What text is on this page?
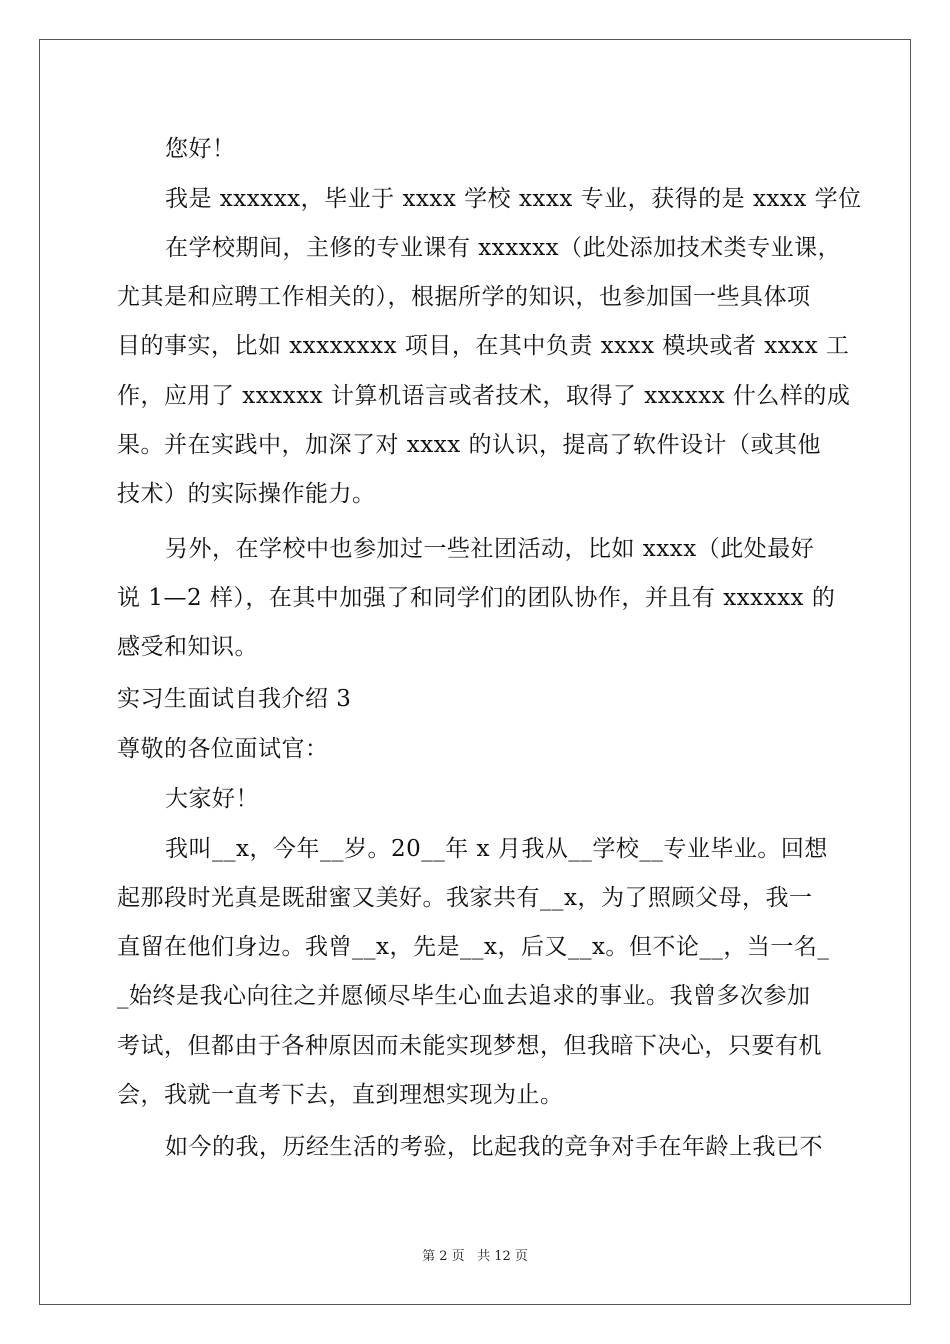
您好！
我是 xxxxxx，毕业于 xxxx 学校 xxxx 专业，获得的是 xxxx 学位
在学校期间，主修的专业课有 xxxxxx（此处添加技术类专业课，
尤其是和应聘工作相关的），根据所学的知识，也参加国一些具体项
目的事实，比如 xxxxxxxx 项目，在其中负责 xxxx 模块或者 xxxx 工
作，应用了 xxxxxx 计算机语言或者技术，取得了 xxxxxx 什么样的成
果。并在实践中，加深了对 xxxx 的认识，提高了软件设计（或其他
技术）的实际操作能力。
另外，在学校中也参加过一些社团活动，比如 xxxx（此处最好
说 1—2 样），在其中加强了和同学们的团队协作，并且有 xxxxxx 的
感受和知识。
实习生面试自我介绍 3
尊敬的各位面试官：
大家好！
我叫__x，今年__岁。20__年 x 月我从__学校__专业毕业。回想
起那段时光真是既甜蜜又美好。我家共有__x，为了照顾父母，我一
直留在他们身边。我曾__x，先是__x，后又__x。但不论__，当一名_
_始终是我心向往之并愿倾尽毕生心血去追求的事业。我曾多次参加
考试，但都由于各种原因而未能实现梦想，但我暗下决心，只要有机
会，我就一直考下去，直到理想实现为止。
如今的我，历经生活的考验，比起我的竞争对手在年龄上我已不
第 2 页 共 12 页
